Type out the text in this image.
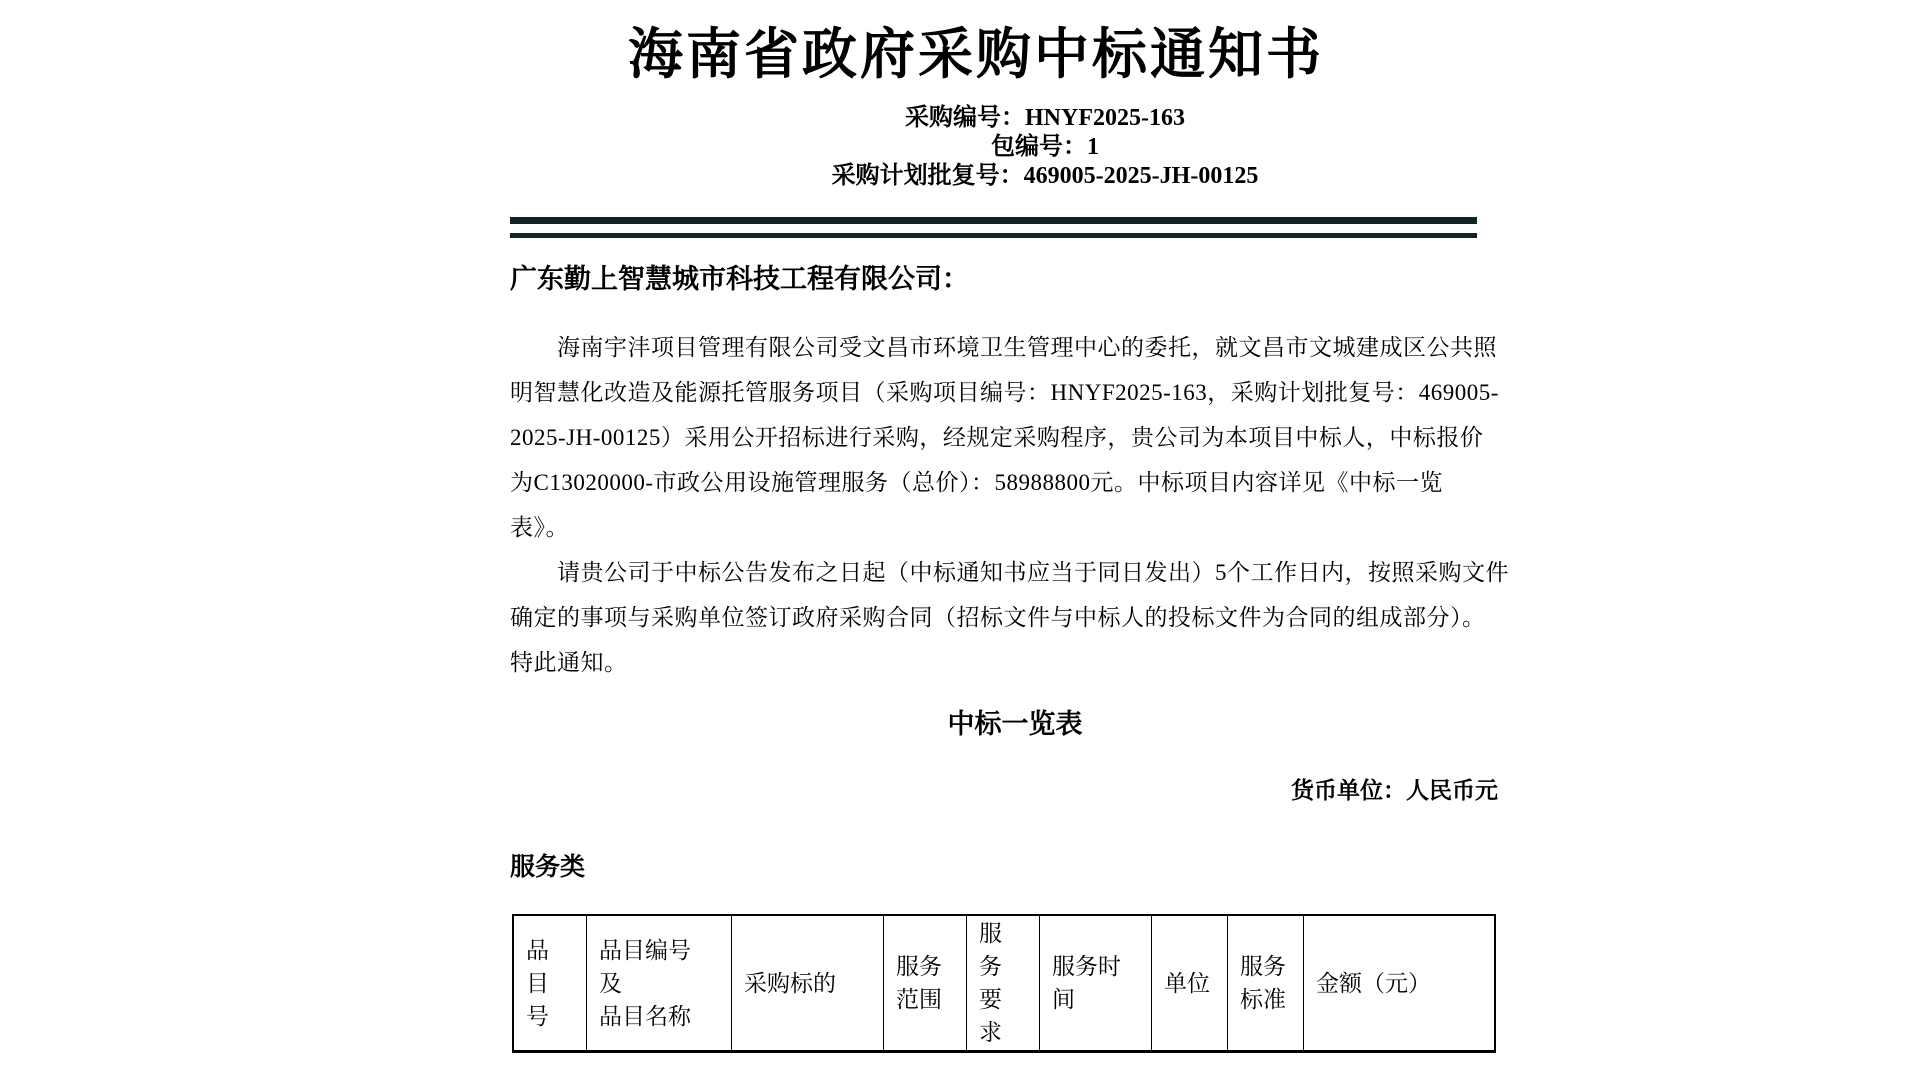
海南省政府采购中标通知书
采购编号：HNYF2025-163
包编号：1
采购计划批复号：469005-2025-JH-00125
广东勤上智慧城市科技工程有限公司：
海南宇沣项目管理有限公司受文昌市环境卫生管理中心的委托，就文昌市文城建成区公共照
明智慧化改造及能源托管服务项目（采购项目编号：HNYF2025-163，采购计划批复号：469005-
2025-JH-00125）采用公开招标进行采购，经规定采购程序，贵公司为本项目中标人，中标报价
为C13020000-市政公用设施管理服务（总价）：58988800元。中标项目内容详见《中标一览
表》。
请贵公司于中标公告发布之日起（中标通知书应当于同日发出）5个工作日内，按照采购文件
确定的事项与采购单位签订政府采购合同（招标文件与中标人的投标文件为合同的组成部分）。
特此通知。
中标一览表
货币单位：人民币元
服务类
品
目
号
品目编号
及
品目名称
采购标的
服务
范围
服
务
要
求
服务时
间
单位
服务
标准
金额（元）
